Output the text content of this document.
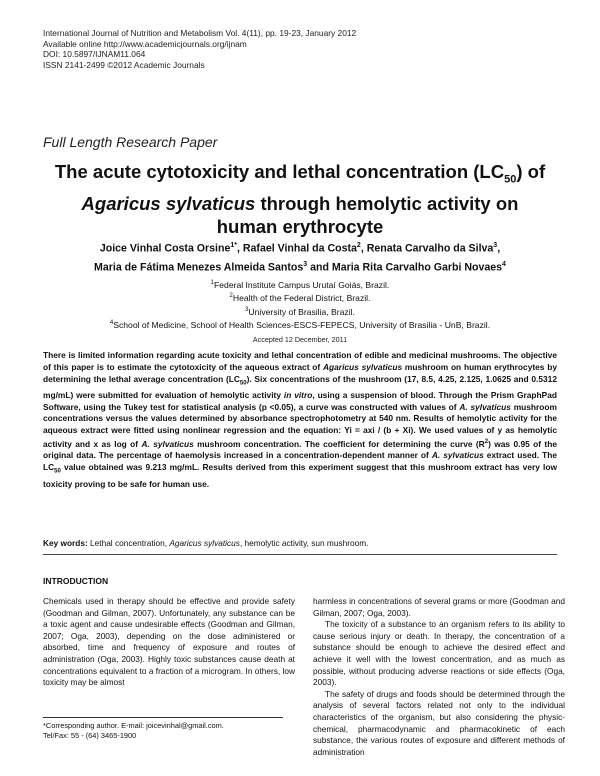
International Journal of Nutrition and Metabolism Vol. 4(11), pp. 19-23, January 2012
Available online http://www.academicjournals.org/ijnam
DOI: 10.5897/IJNAM11.064
ISSN 2141-2499 ©2012 Academic Journals
Full Length Research Paper
The acute cytotoxicity and lethal concentration $(LC_{50})$ of
Agaricus sylvaticus through hemolytic activity on
human erythrocyte
Joice Vinhal Costa Orsine$^{1*}$, Rafael Vinhal da Costa$^2$, Renata Carvalho da Silva$^3$,
Maria de Fátima Menezes Almeida Santos$^3$ and Maria Rita Carvalho Garbi Novaes$^4$
$^1$Federal Institute Campus Urutaí Goiás, Brazil.
$^2$Health of the Federal District, Brazil.
$^3$University of Brasilia, Brazil.
$^4$School of Medicine, School of Health Sciences-ESCS-FEPECS, University of Brasilia - UnB, Brazil.
Accepted 12 December, 2011
There is limited information regarding acute toxicity and lethal concentration of edible and medicinal mushrooms. The objective of this paper is to estimate the cytotoxicity of the aqueous extract of Agaricus sylvaticus mushroom on human erythrocytes by determining the lethal average concentration $(LC_{50})$. Six concentrations of the mushroom (17, 8.5, 4.25, 2.125, 1.0625 and 0.5312 mg/mL) were submitted for evaluation of hemolytic activity in vitro, using a suspension of blood. Through the Prism GraphPad Software, using the Tukey test for statistical analysis (p <0.05), a curve was constructed with values of A. sylvaticus mushroom concentrations versus the values determined by absorbance spectrophotometry at 540 nm. Results of hemolytic activity for the aqueous extract were fitted using nonlinear regression and the equation: Yi = axi / (b + Xi). We used values of y as hemolytic activity and x as log of A. sylvaticus mushroom concentration. The coefficient for determining the curve $(R^2)$ was 0.95 of the original data. The percentage of haemolysis increased in a concentration-dependent manner of A. sylvaticus extract used. The $LC_{50}$ value obtained was 9.213 mg/mL. Results derived from this experiment suggest that this mushroom extract has very low toxicity proving to be safe for human use.
Key words: Lethal concentration, Agaricus sylvaticus, hemolytic activity, sun mushroom.
INTRODUCTION

Chemicals used in therapy should be effective and provide safety (Goodman and Gilman, 2007). Unfortunately, any substance can be a toxic agent and cause undesirable effects (Goodman and Gilman, 2007; Oga, 2003), depending on the dose administered or absorbed, time and frequency of exposure and routes of administration (Oga, 2003). Highly toxic substances cause death at concentrations equivalent to a fraction of a microgram. In others, low toxicity may be almost

harmless in concentrations of several grams or more (Goodman and Gilman, 2007; Oga, 2003).

The toxicity of a substance to an organism refers to its ability to cause serious injury or death. In therapy, the concentration of a substance should be enough to achieve the desired effect and achieve it well with the lowest concentration, and as much as possible, without producing adverse reactions or side effects (Oga, 2003).

The safety of drugs and foods should be determined through the analysis of several factors related not only to the individual characteristics of the organism, but also considering the physic-chemical, pharmacodynamic and pharmacokinetic of each substance, the various routes of exposure and different methods of administration

*Corresponding author. E-mail: joicevinhal@gmail.com.
Tel/Fax: 55 - (64) 3465-1900
